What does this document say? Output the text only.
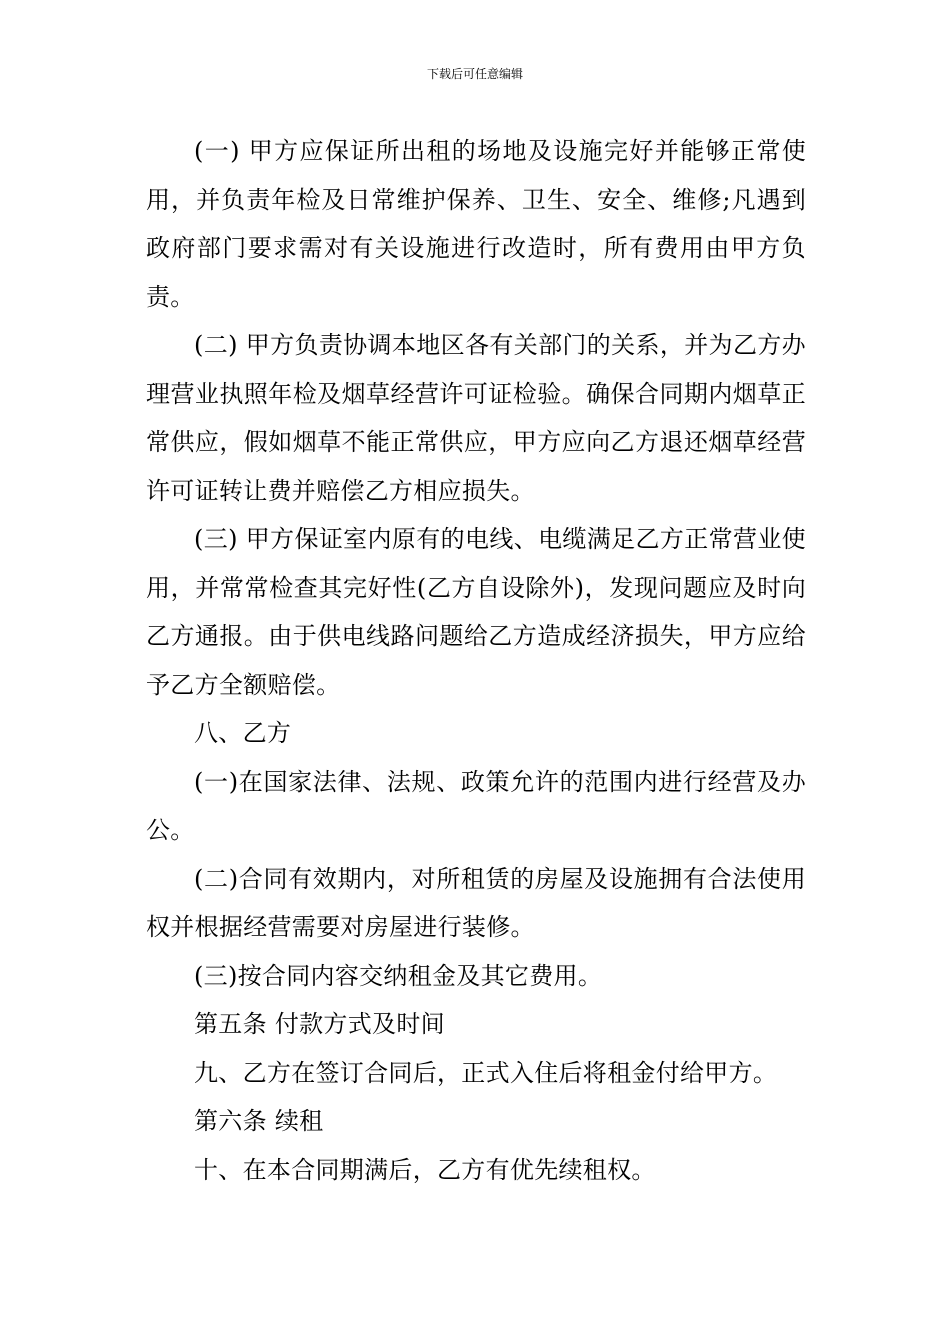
下载后可任意编辑

(一) 甲方应保证所出租的场地及设施完好并能够正常使用，并负责年检及日常维护保养、卫生、安全、维修;凡遇到政府部门要求需对有关设施进行改造时，所有费用由甲方负责。

(二) 甲方负责协调本地区各有关部门的关系，并为乙方办理营业执照年检及烟草经营许可证检验。确保合同期内烟草正常供应，假如烟草不能正常供应，甲方应向乙方退还烟草经营许可证转让费并赔偿乙方相应损失。

(三) 甲方保证室内原有的电线、电缆满足乙方正常营业使用，并常常检查其完好性(乙方自设除外)，发现问题应及时向乙方通报。由于供电线路问题给乙方造成经济损失，甲方应给予乙方全额赔偿。

八、乙方

(一)在国家法律、法规、政策允许的范围内进行经营及办公。

(二)合同有效期内，对所租赁的房屋及设施拥有合法使用权并根据经营需要对房屋进行装修。

(三)按合同内容交纳租金及其它费用。

第五条 付款方式及时间

九、乙方在签订合同后，正式入住后将租金付给甲方。

第六条 续租

十、在本合同期满后，乙方有优先续租权。
